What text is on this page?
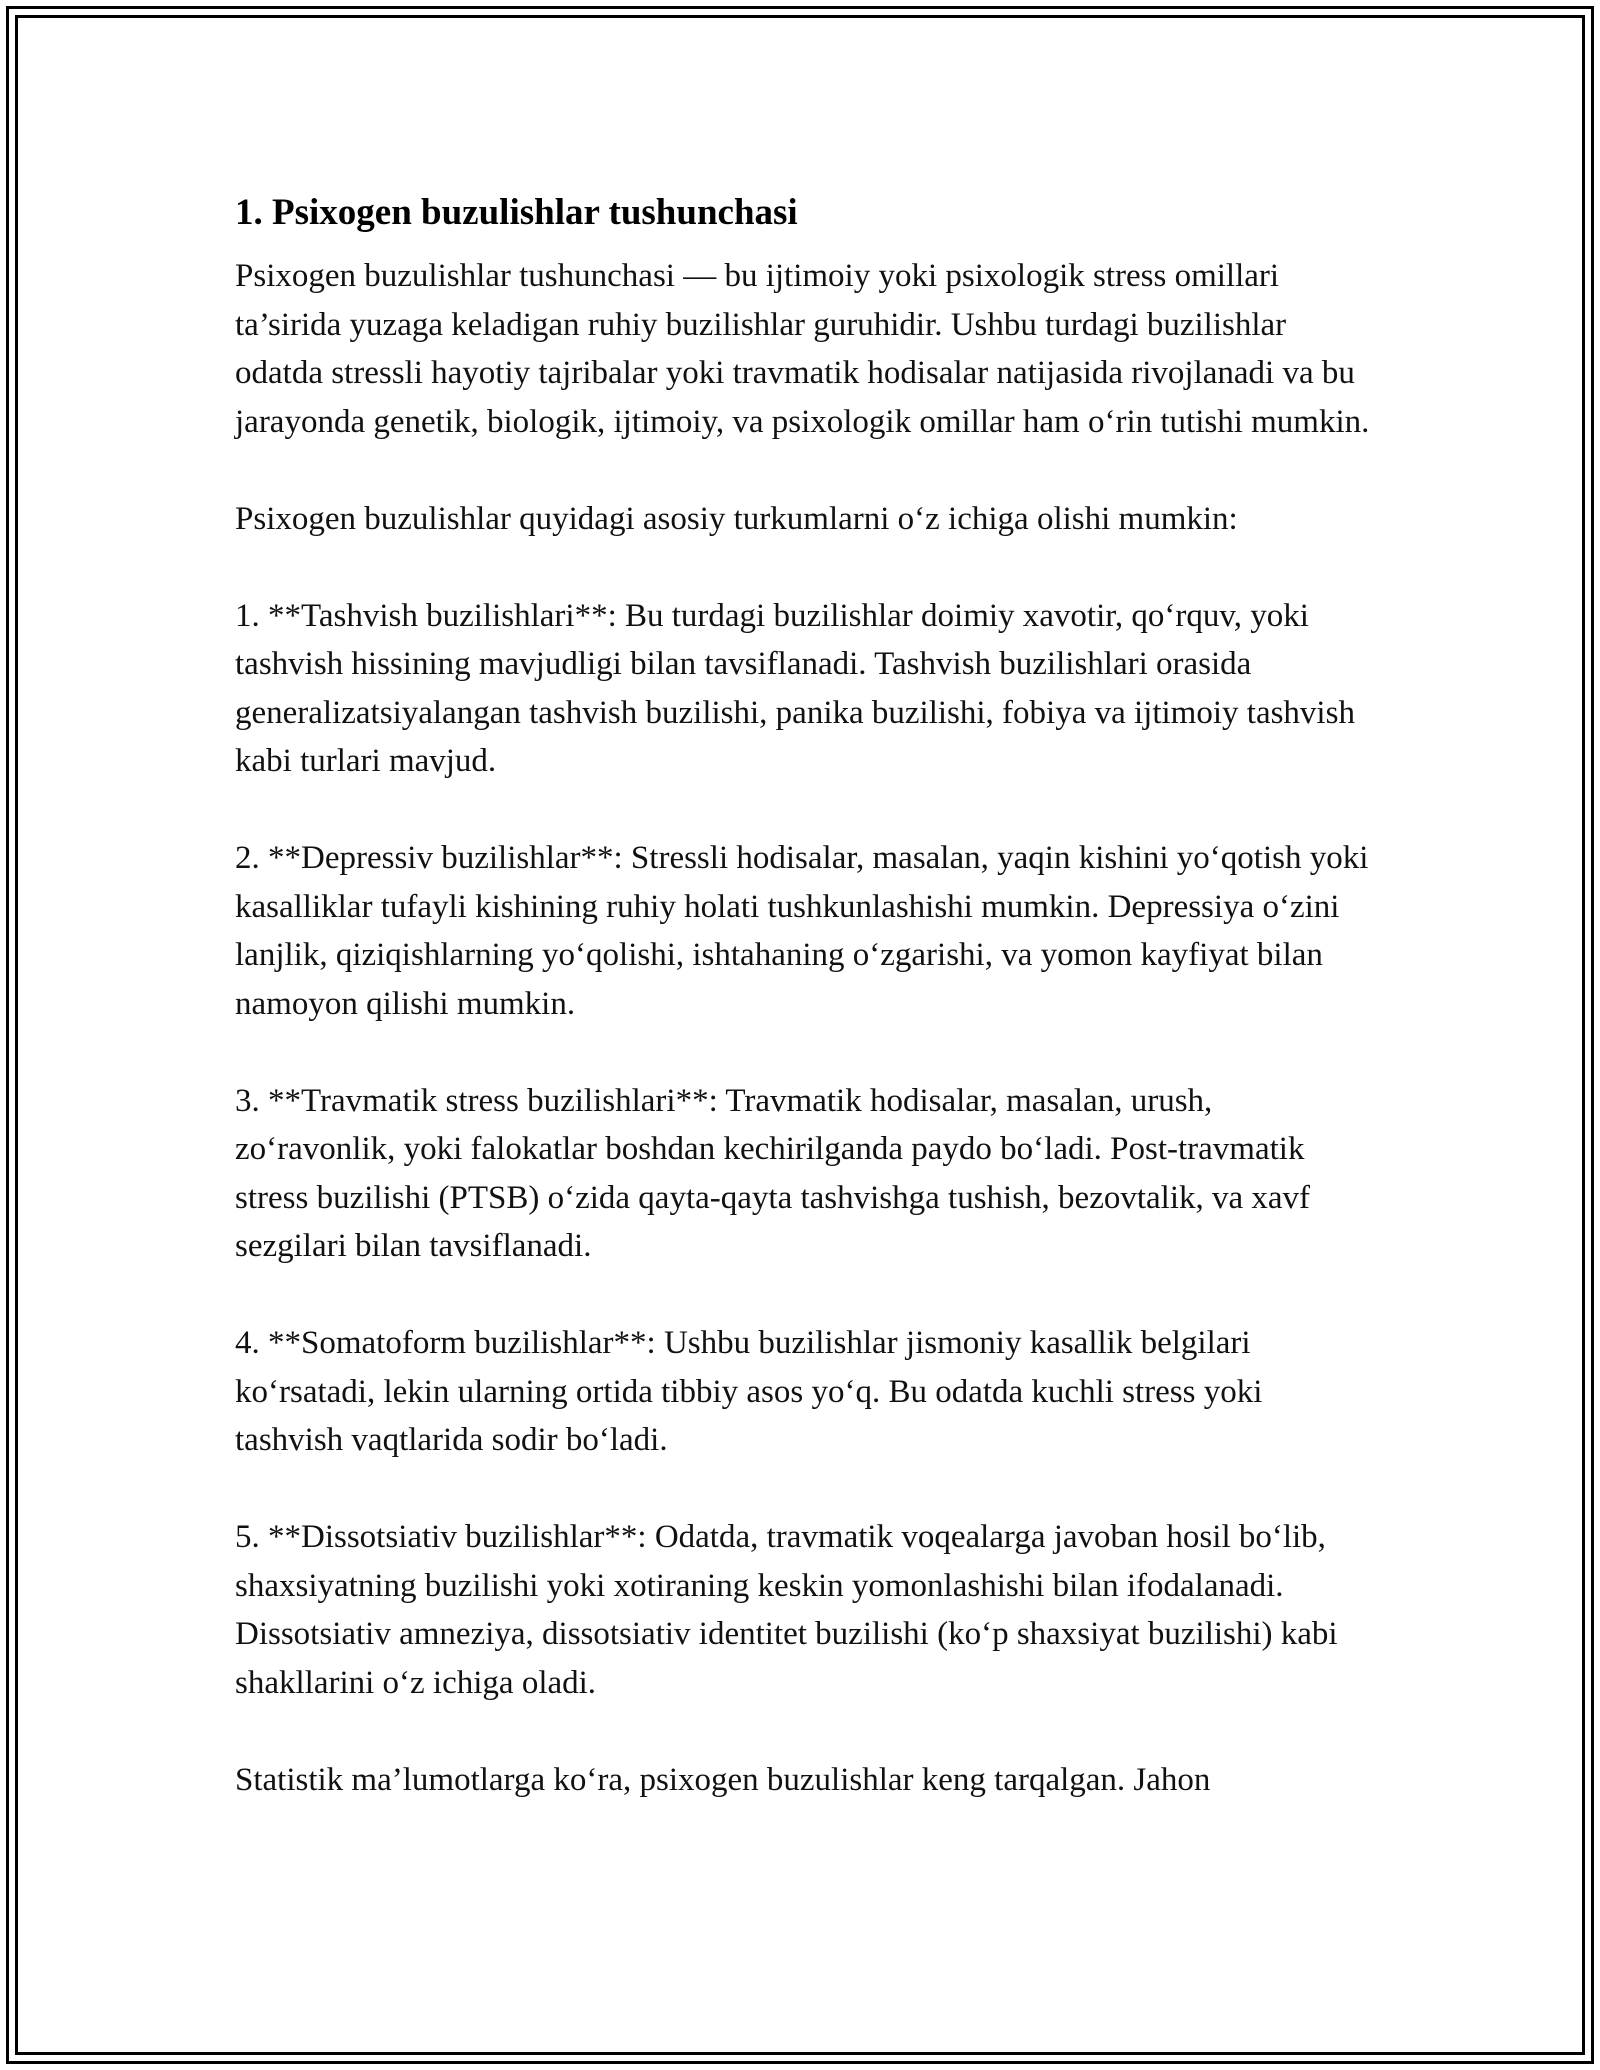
1. Psixogen buzulishlar tushunchasi

Psixogen buzulishlar tushunchasi — bu ijtimoiy yoki psixologik stress omillari ta’sirida yuzaga keladigan ruhiy buzilishlar guruhidir. Ushbu turdagi buzilishlar odatda stressli hayotiy tajribalar yoki travmatik hodisalar natijasida rivojlanadi va bu jarayonda genetik, biologik, ijtimoiy, va psixologik omillar ham o‘rin tutishi mumkin.

Psixogen buzulishlar quyidagi asosiy turkumlarni o‘z ichiga olishi mumkin:

1. **Tashvish buzilishlari**: Bu turdagi buzilishlar doimiy xavotir, qo‘rquv, yoki tashvish hissining mavjudligi bilan tavsiflanadi. Tashvish buzilishlari orasida generalizatsiyalangan tashvish buzilishi, panika buzilishi, fobiya va ijtimoiy tashvish kabi turlari mavjud.

2. **Depressiv buzilishlar**: Stressli hodisalar, masalan, yaqin kishini yo‘qotish yoki kasalliklar tufayli kishining ruhiy holati tushkunlashishi mumkin. Depressiya o‘zini lanjlik, qiziqishlarning yo‘qolishi, ishtahaning o‘zgarishi, va yomon kayfiyat bilan namoyon qilishi mumkin.

3. **Travmatik stress buzilishlari**: Travmatik hodisalar, masalan, urush, zo‘ravonlik, yoki falokatlar boshdan kechirilganda paydo bo‘ladi. Post-travmatik stress buzilishi (PTSB) o‘zida qayta-qayta tashvishga tushish, bezovtalik, va xavf sezgilari bilan tavsiflanadi.

4. **Somatoform buzilishlar**: Ushbu buzilishlar jismoniy kasallik belgilari ko‘rsatadi, lekin ularning ortida tibbiy asos yo‘q. Bu odatda kuchli stress yoki tashvish vaqtlarida sodir bo‘ladi.

5. **Dissotsiativ buzilishlar**: Odatda, travmatik voqealarga javoban hosil bo‘lib, shaxsiyatning buzilishi yoki xotiraning keskin yomonlashishi bilan ifodalanadi. Dissotsiativ amneziya, dissotsiativ identitet buzilishi (ko‘p shaxsiyat buzilishi) kabi shakllarini o‘z ichiga oladi.

Statistik ma’lumotlarga ko‘ra, psixogen buzulishlar keng tarqalgan. Jahon
